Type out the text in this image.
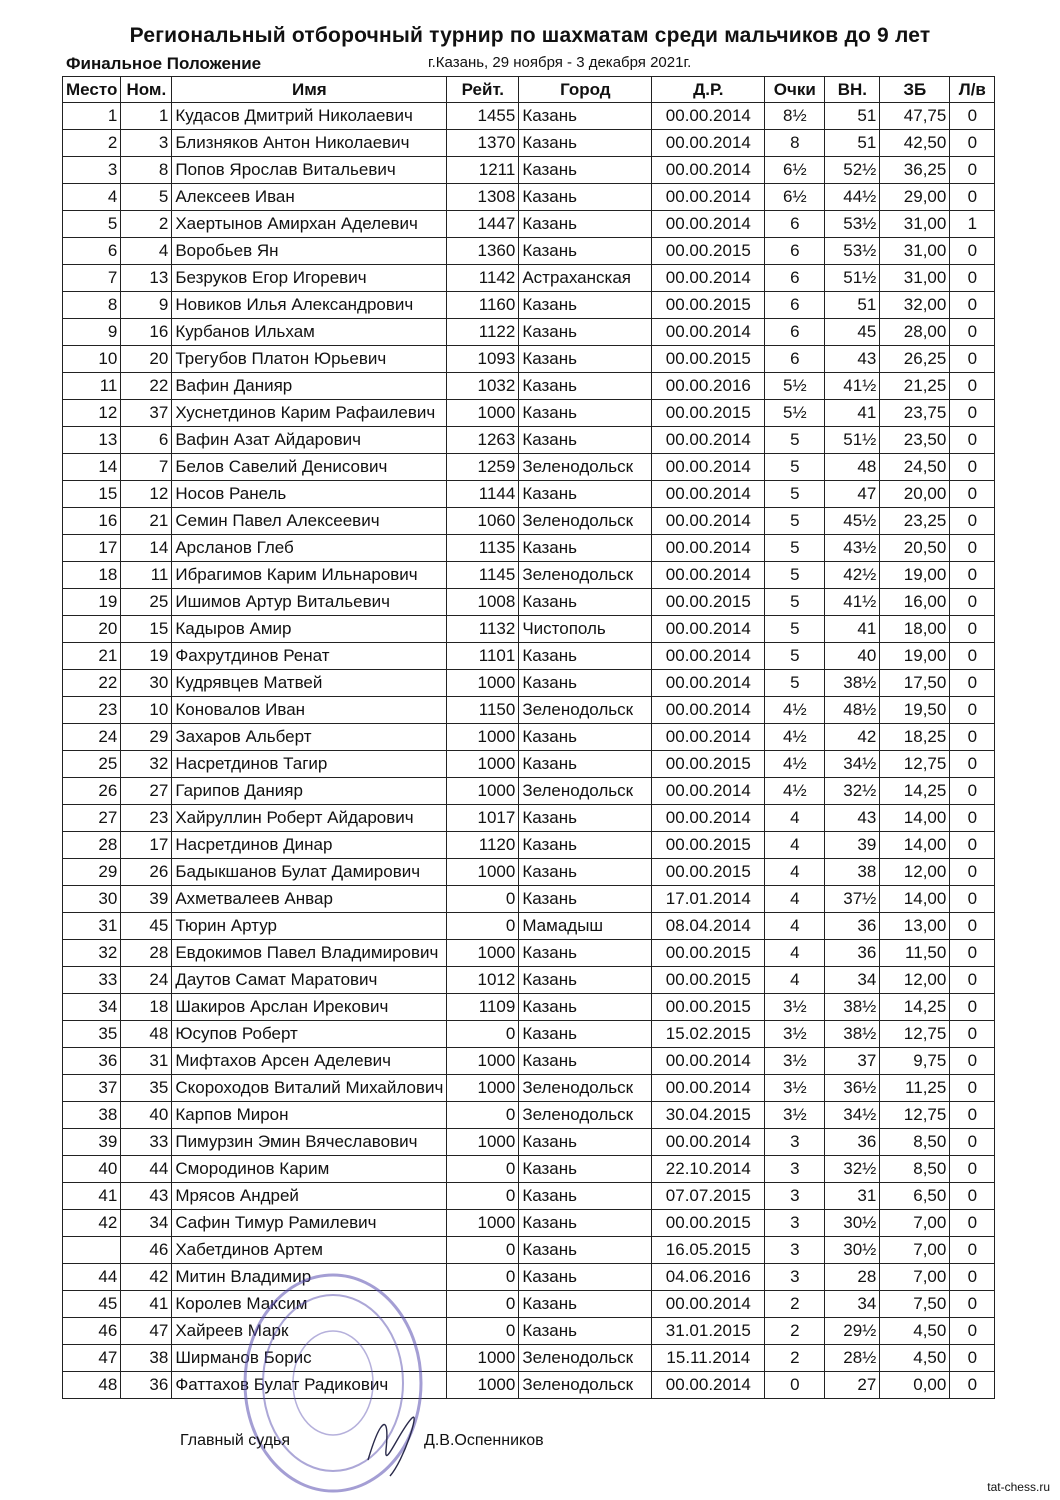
Региональный отборочный турнир по шахматам среди мальчиков до 9 лет
Финальное Положение	г.Казань, 29 ноября - 3 декабря 2021г.
Место	Ном.	Имя	Рейт.	Город	Д.Р.	Очки	ВН.	ЗБ	Л/в
1	1	Кудасов Дмитрий Николаевич	1455	Казань	00.00.2014	8½	51	47,75	0
2	3	Близняков Антон Николаевич	1370	Казань	00.00.2014	8	51	42,50	0
3	8	Попов Ярослав Витальевич	1211	Казань	00.00.2014	6½	52½	36,25	0
4	5	Алексеев Иван	1308	Казань	00.00.2014	6½	44½	29,00	0
5	2	Хаертынов Амирхан Аделевич	1447	Казань	00.00.2014	6	53½	31,00	1
6	4	Воробьев Ян	1360	Казань	00.00.2015	6	53½	31,00	0
7	13	Безруков Егор Игоревич	1142	Астраханская	00.00.2014	6	51½	31,00	0
8	9	Новиков Илья Александрович	1160	Казань	00.00.2015	6	51	32,00	0
9	16	Курбанов Ильхам	1122	Казань	00.00.2014	6	45	28,00	0
10	20	Трегубов Платон Юрьевич	1093	Казань	00.00.2015	6	43	26,25	0
11	22	Вафин Данияр	1032	Казань	00.00.2016	5½	41½	21,25	0
12	37	Хуснетдинов Карим Рафаилевич	1000	Казань	00.00.2015	5½	41	23,75	0
13	6	Вафин Азат Айдарович	1263	Казань	00.00.2014	5	51½	23,50	0
14	7	Белов Савелий Денисович	1259	Зеленодольск	00.00.2014	5	48	24,50	0
15	12	Носов Ранель	1144	Казань	00.00.2014	5	47	20,00	0
16	21	Семин Павел Алексеевич	1060	Зеленодольск	00.00.2014	5	45½	23,25	0
17	14	Арсланов Глеб	1135	Казань	00.00.2014	5	43½	20,50	0
18	11	Ибрагимов Карим Ильнарович	1145	Зеленодольск	00.00.2014	5	42½	19,00	0
19	25	Ишимов Артур Витальевич	1008	Казань	00.00.2015	5	41½	16,00	0
20	15	Кадыров Амир	1132	Чистополь	00.00.2014	5	41	18,00	0
21	19	Фахрутдинов Ренат	1101	Казань	00.00.2014	5	40	19,00	0
22	30	Кудрявцев Матвей	1000	Казань	00.00.2014	5	38½	17,50	0
23	10	Коновалов Иван	1150	Зеленодольск	00.00.2014	4½	48½	19,50	0
24	29	Захаров Альберт	1000	Казань	00.00.2014	4½	42	18,25	0
25	32	Насретдинов Тагир	1000	Казань	00.00.2015	4½	34½	12,75	0
26	27	Гарипов Данияр	1000	Зеленодольск	00.00.2014	4½	32½	14,25	0
27	23	Хайруллин Роберт Айдарович	1017	Казань	00.00.2014	4	43	14,00	0
28	17	Насретдинов Динар	1120	Казань	00.00.2015	4	39	14,00	0
29	26	Бадыкшанов Булат Дамирович	1000	Казань	00.00.2015	4	38	12,00	0
30	39	Ахметвалеев Анвар	0	Казань	17.01.2014	4	37½	14,00	0
31	45	Тюрин Артур	0	Мамадыш	08.04.2014	4	36	13,00	0
32	28	Евдокимов Павел Владимирович	1000	Казань	00.00.2015	4	36	11,50	0
33	24	Даутов Самат Маратович	1012	Казань	00.00.2015	4	34	12,00	0
34	18	Шакиров Арслан Ирекович	1109	Казань	00.00.2015	3½	38½	14,25	0
35	48	Юсупов Роберт	0	Казань	15.02.2015	3½	38½	12,75	0
36	31	Мифтахов Арсен Аделевич	1000	Казань	00.00.2014	3½	37	9,75	0
37	35	Скороходов Виталий Михайлович	1000	Зеленодольск	00.00.2014	3½	36½	11,25	0
38	40	Карпов Мирон	0	Зеленодольск	30.04.2015	3½	34½	12,75	0
39	33	Пимурзин Эмин Вячеславович	1000	Казань	00.00.2014	3	36	8,50	0
40	44	Смородинов Карим	0	Казань	22.10.2014	3	32½	8,50	0
41	43	Мрясов Андрей	0	Казань	07.07.2015	3	31	6,50	0
42	34	Сафин Тимур Рамилевич	1000	Казань	00.00.2015	3	30½	7,00	0
	46	Хабетдинов Артем	0	Казань	16.05.2015	3	30½	7,00	0
44	42	Митин Владимир	0	Казань	04.06.2016	3	28	7,00	0
45	41	Королев Максим	0	Казань	00.00.2014	2	34	7,50	0
46	47	Хайреев Марк	0	Казань	31.01.2015	2	29½	4,50	0
47	38	Ширманов Борис	1000	Зеленодольск	15.11.2014	2	28½	4,50	0
48	36	Фаттахов Булат Радикович	1000	Зеленодольск	00.00.2014	0	27	0,00	0
Главный судья	Д.В.Оспенников
tat-chess.ru
